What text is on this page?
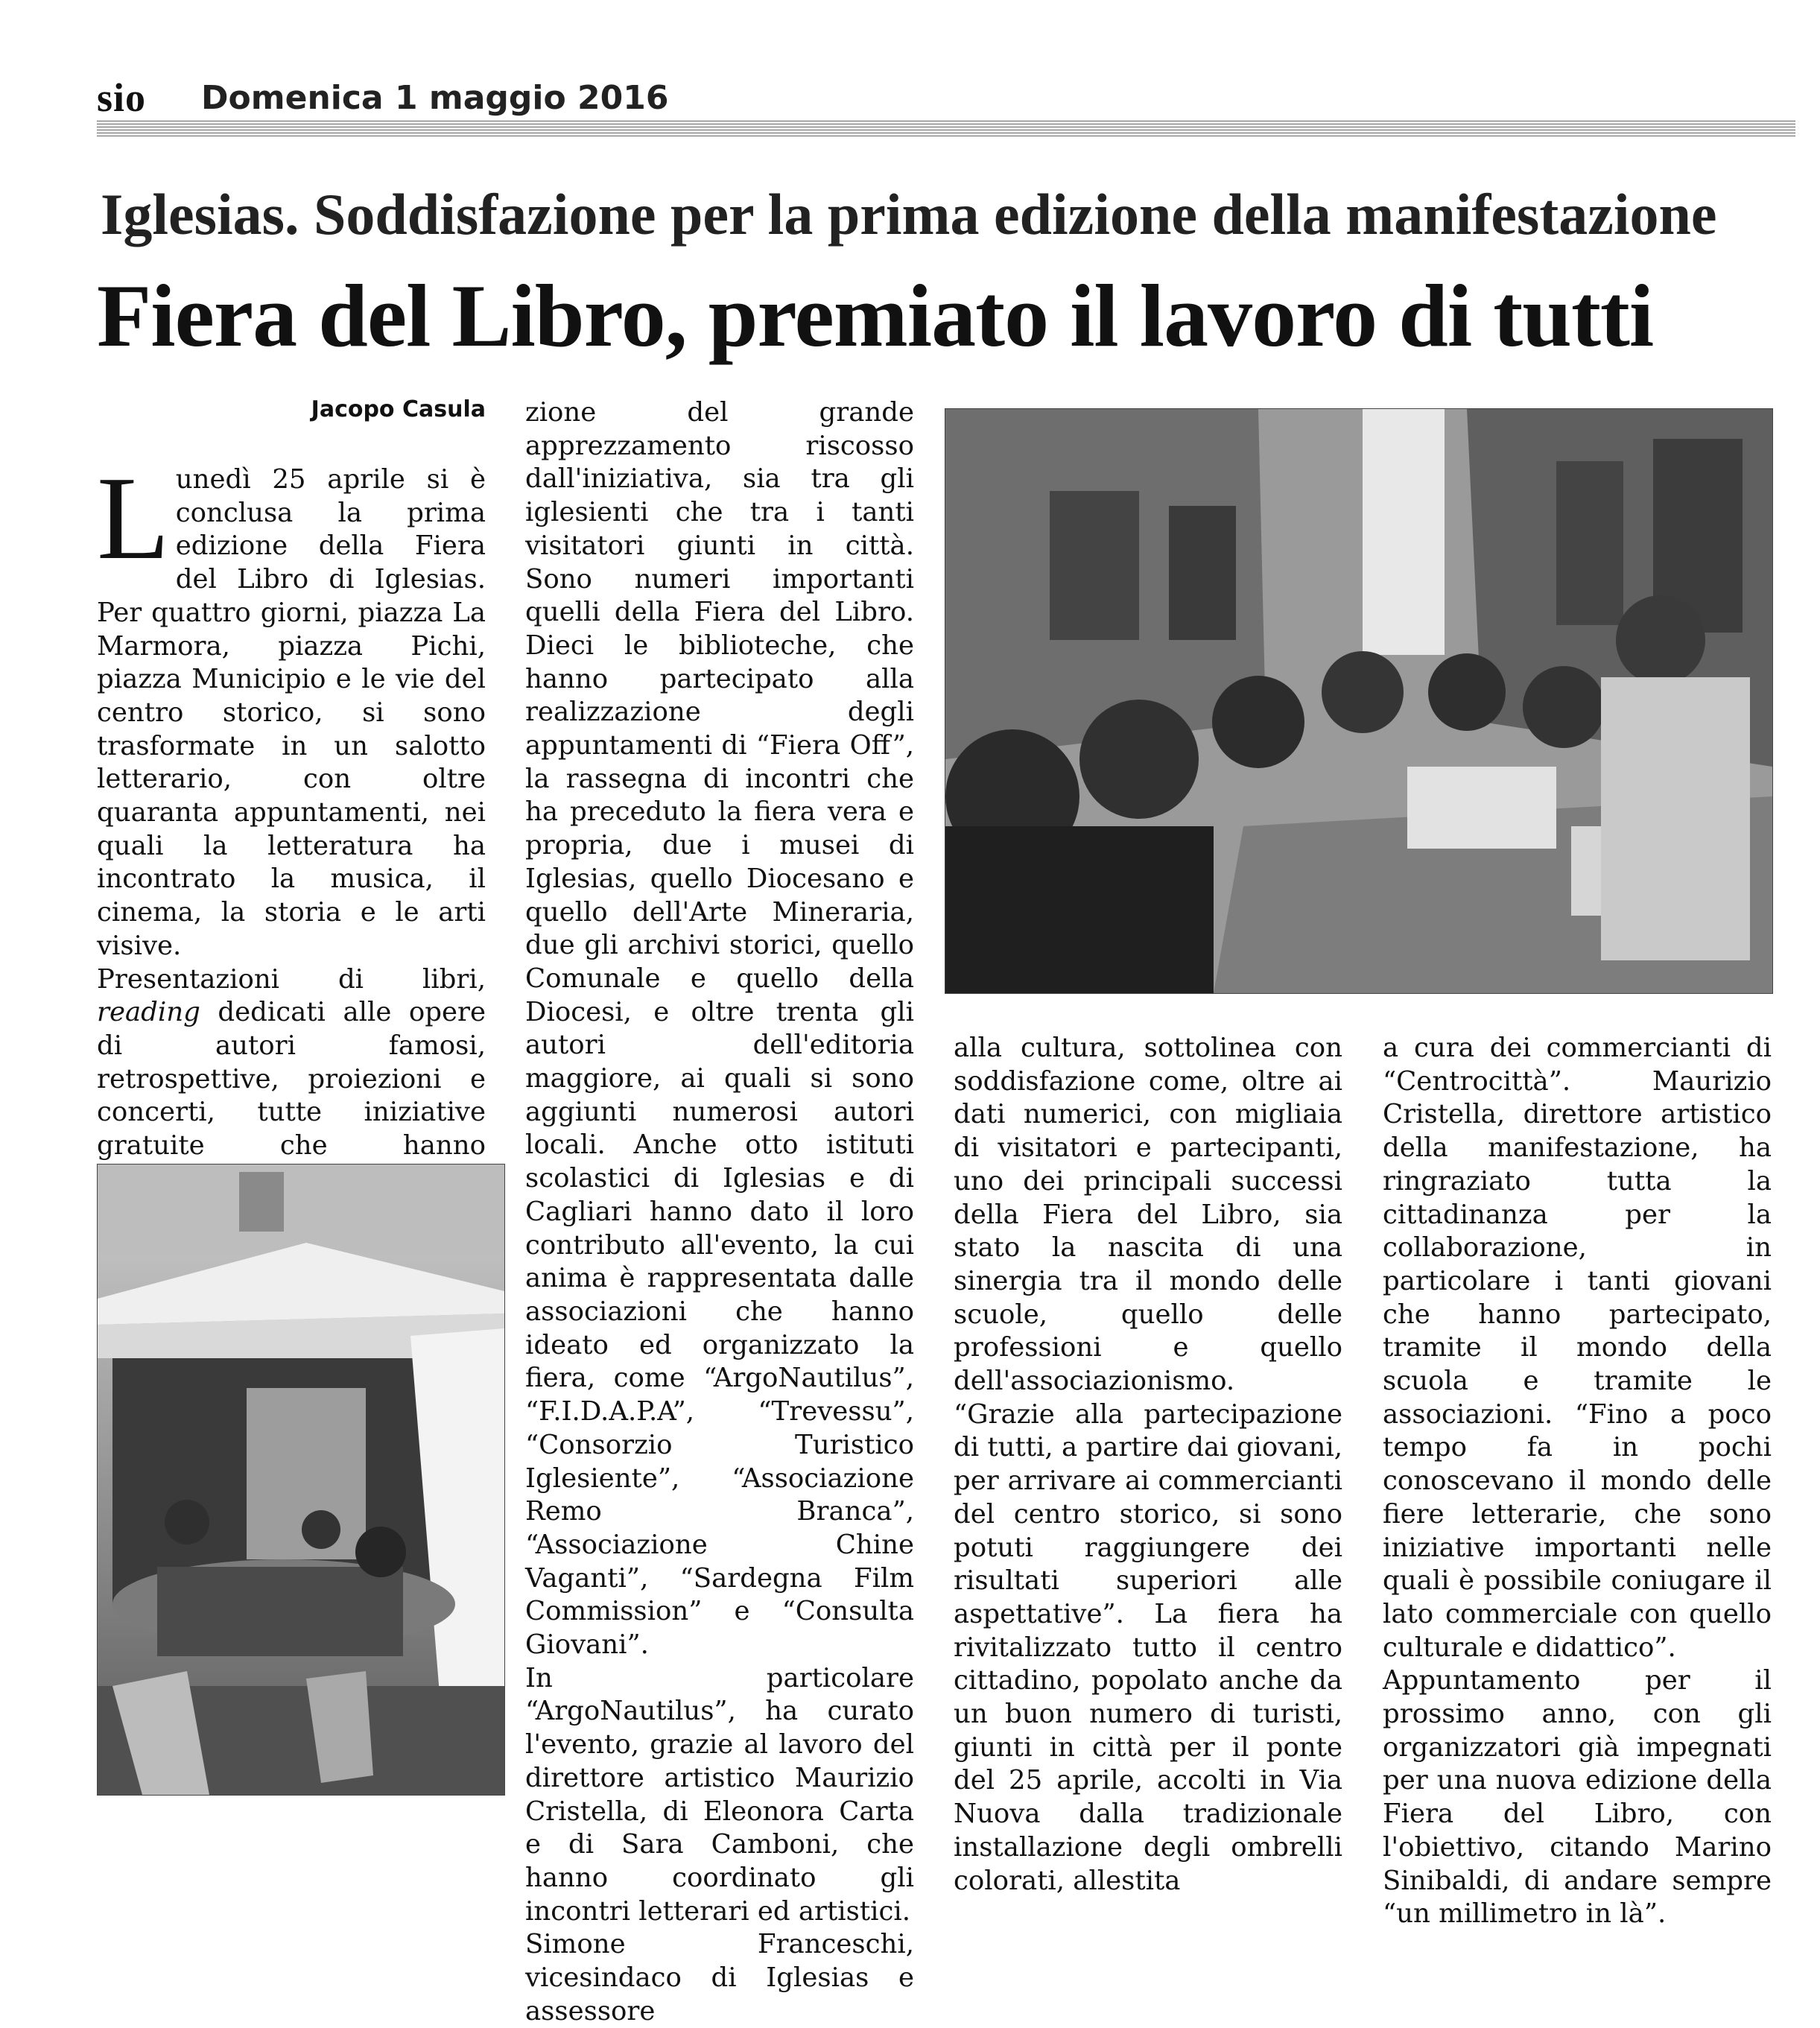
sio Domenica 1 maggio 2016
Iglesias. Soddisfazione per la prima edizione della manifestazione
Fiera del Libro, premiato il lavoro di tutti
Jacopo Casula

Lunedì 25 aprile si è conclusa la prima edizione della Fiera del Libro di Iglesias. Per quattro giorni, piazza La Marmora, piazza Pichi, piazza Municipio e le vie del centro storico, si sono trasformate in un salotto letterario, con oltre quaranta appuntamenti, nei quali la letteratura ha incontrato la musica, il cinema, la storia e le arti visive.

Presentazioni di libri, reading dedicati alle opere di autori famosi, retrospettive, proiezioni e concerti, tutte iniziative gratuite che hanno

zione del grande apprezzamento riscosso dall'iniziativa, sia tra gli iglesienti che tra i tanti visitatori giunti in città. Sono numeri importanti quelli della Fiera del Libro. Dieci le biblioteche, che hanno partecipato alla realizzazione degli appuntamenti di “Fiera Off”, la rassegna di incontri che ha preceduto la fiera vera e propria, due i musei di Iglesias, quello Diocesano e quello dell'Arte Mineraria, due gli archivi storici, quello Comunale e quello della Diocesi, e oltre trenta gli autori dell'editoria maggiore, ai quali si sono aggiunti numerosi autori locali. Anche otto istituti scolastici di Iglesias e di Cagliari hanno dato il loro contributo all'evento, la cui anima è rappresentata dalle associazioni che hanno ideato ed organizzato la fiera, come “ArgoNautilus”, “F.I.D.A.P.A”, “Trevessu”, “Consorzio Turistico Iglesiente”, “Associazione Remo Branca”, “Associazione Chine Vaganti”, “Sardegna Film Commission” e “Consulta Giovani”.

In particolare “ArgoNautilus”, ha curato l'evento, grazie al lavoro del direttore artistico Maurizio Cristella, di Eleonora Carta e di Sara Camboni, che hanno coordinato gli incontri letterari ed artistici.

Simone Franceschi, vicesindaco di Iglesias e assessore

alla cultura, sottolinea con soddisfazione come, oltre ai dati numerici, con migliaia di visitatori e partecipanti, uno dei principali successi della Fiera del Libro, sia stato la nascita di una sinergia tra il mondo delle scuole, quello delle professioni e quello dell'associazionismo. “Grazie alla partecipazione di tutti, a partire dai giovani, per arrivare ai commercianti del centro storico, si sono potuti raggiungere dei risultati superiori alle aspettative”. La fiera ha rivitalizzato tutto il centro cittadino, popolato anche da un buon numero di turisti, giunti in città per il ponte del 25 aprile, accolti in Via Nuova dalla tradizionale installazione degli ombrelli colorati, allestita

a cura dei commercianti di “Centrocittà”. Maurizio Cristella, direttore artistico della manifestazione, ha ringraziato tutta la cittadinanza per la collaborazione, in particolare i tanti giovani che hanno partecipato, tramite il mondo della scuola e tramite le associazioni. “Fino a poco tempo fa in pochi conoscevano il mondo delle fiere letterarie, che sono iniziative importanti nelle quali è possibile coniugare il lato commerciale con quello culturale e didattico”.

Appuntamento per il prossimo anno, con gli organizzatori già impegnati per una nuova edizione della Fiera del Libro, con l'obiettivo, citando Marino Sinibaldi, di andare sempre “un millimetro in là”.
